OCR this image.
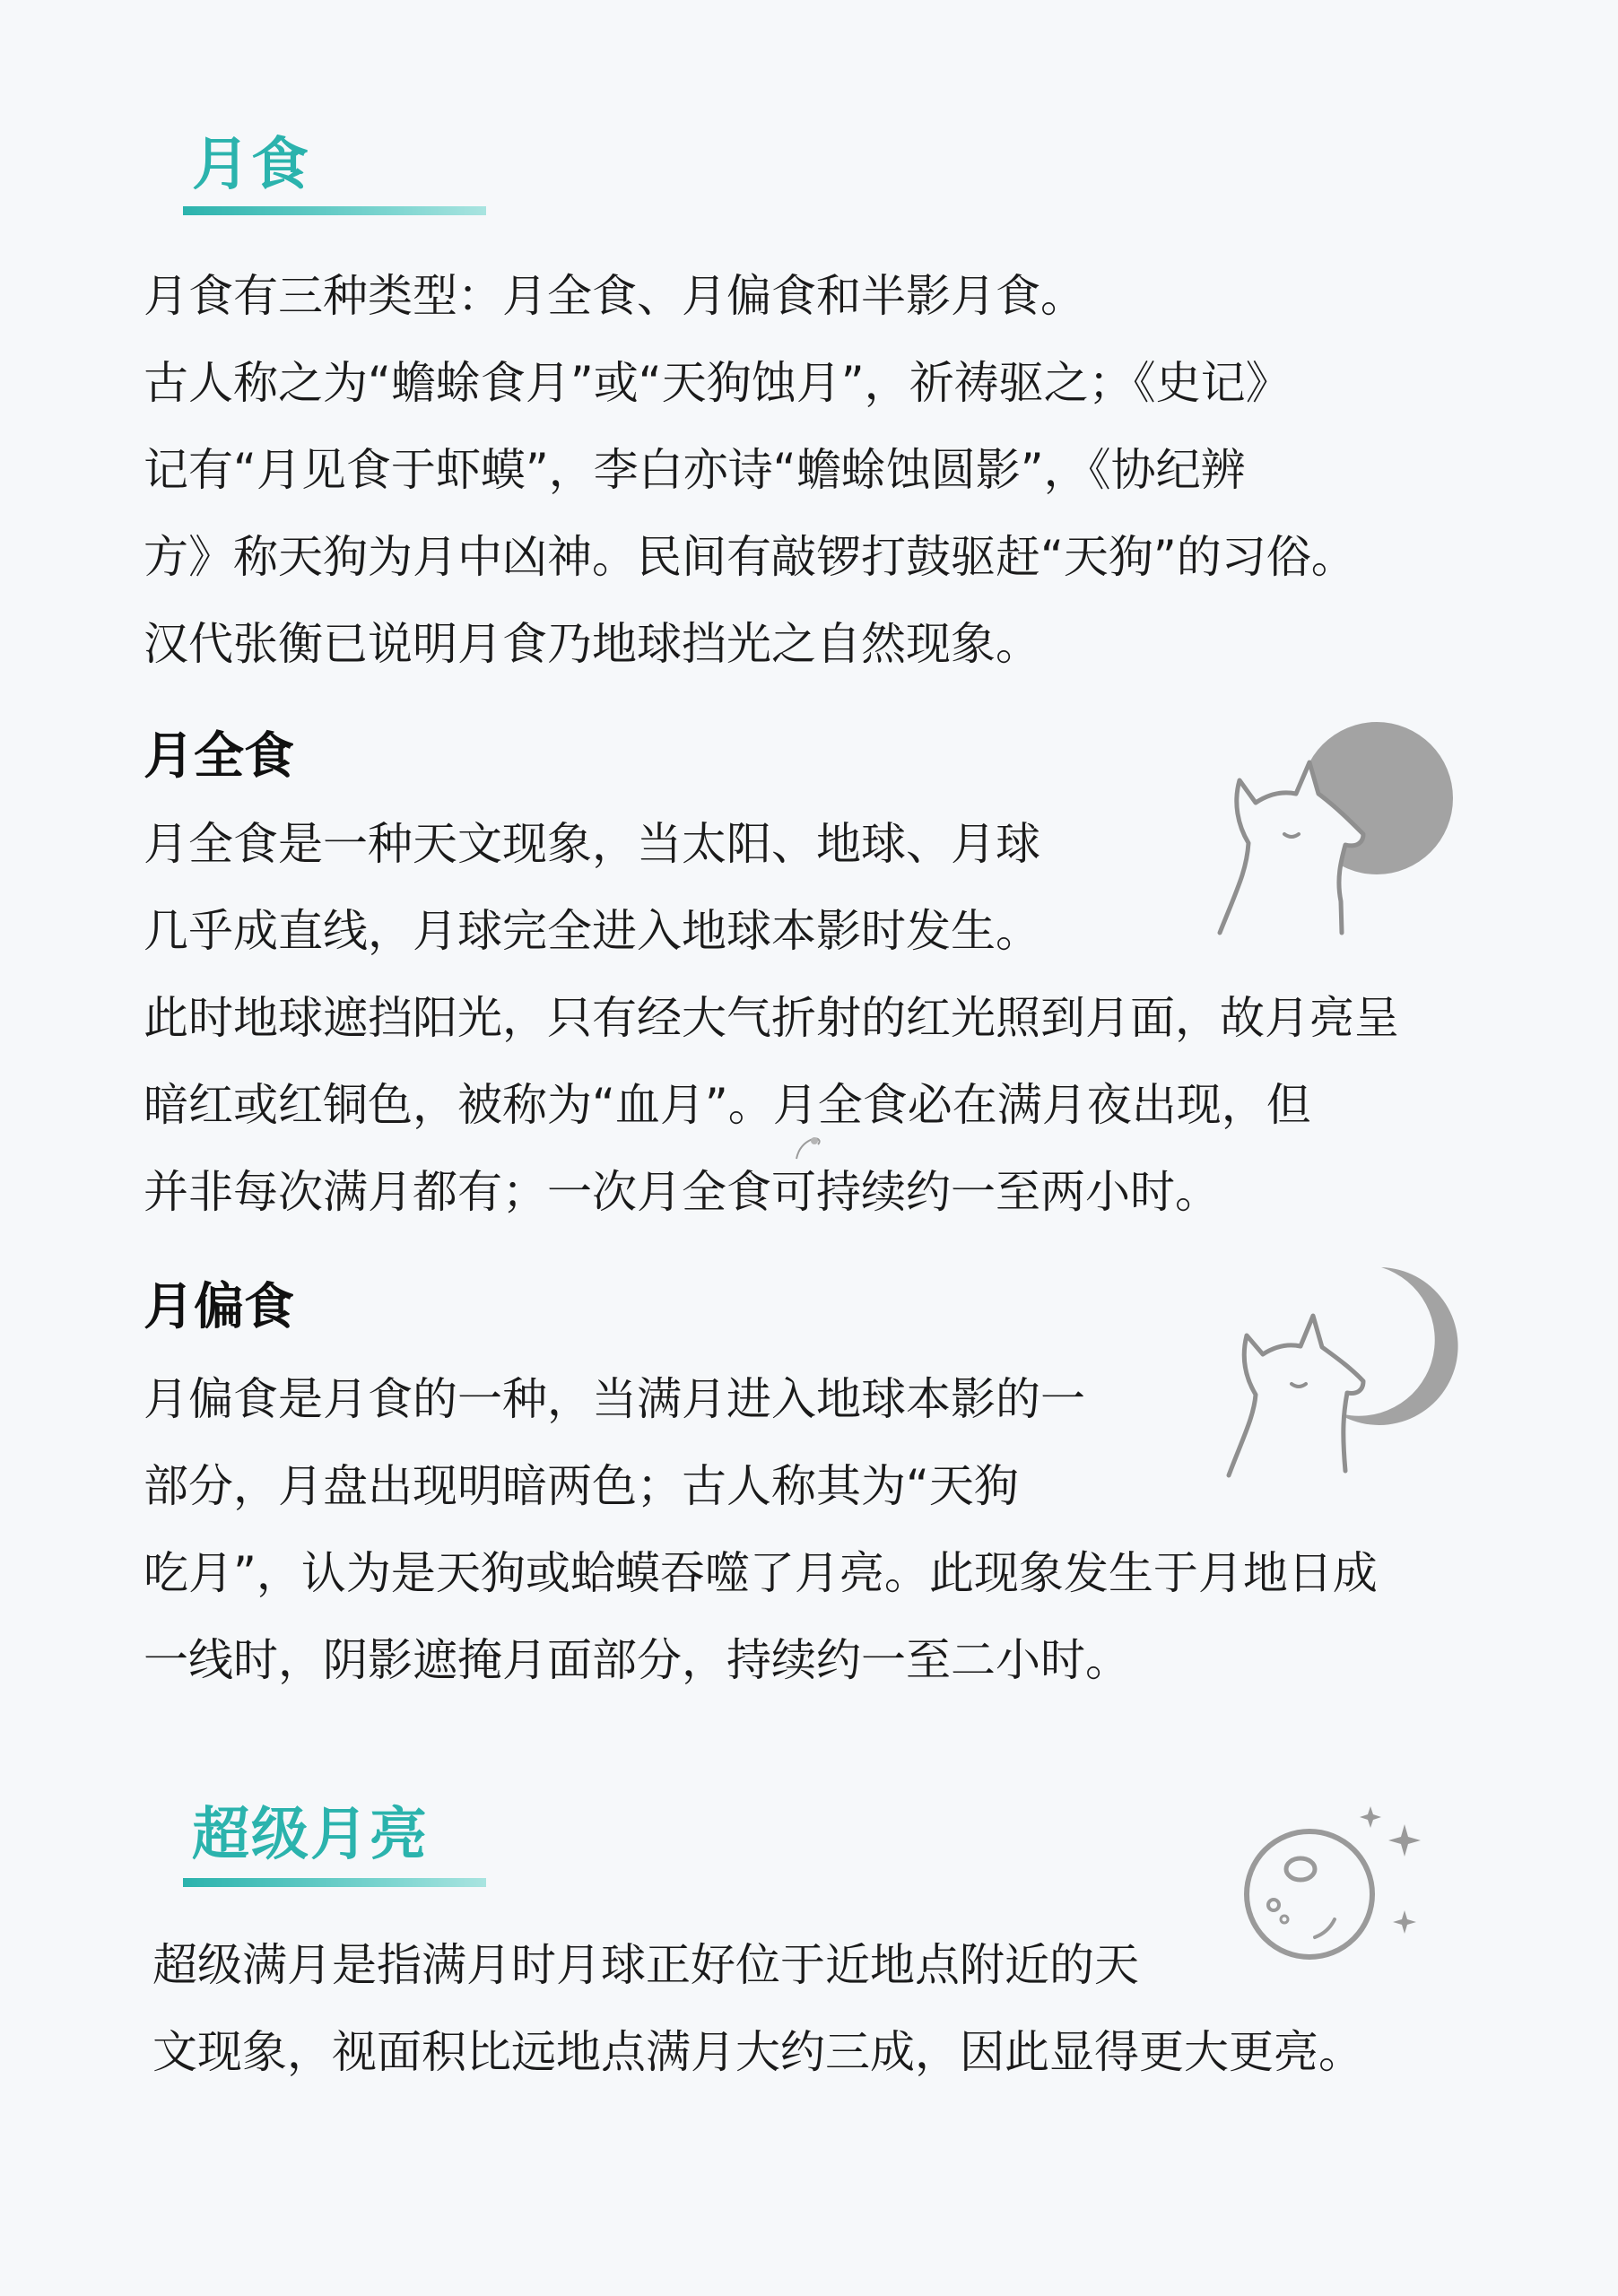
月食
月食有三种类型：月全食、月偏食和半影月食。
古人称之为“蟾蜍食月”或“天狗蚀月”，祈祷驱之；《史记》
记有“月见食于虾蟆”，李白亦诗“蟾蜍蚀圆影”，《协纪辨
方》称天狗为月中凶神。民间有敲锣打鼓驱赶“天狗”的习俗。
汉代张衡已说明月食乃地球挡光之自然现象。
月全食
月全食是一种天文现象，当太阳、地球、月球
几乎成直线，月球完全进入地球本影时发生。
此时地球遮挡阳光，只有经大气折射的红光照到月面，故月亮呈
暗红或红铜色，被称为“血月”。月全食必在满月夜出现，但
并非每次满月都有；一次月全食可持续约一至两小时。
月偏食
月偏食是月食的一种，当满月进入地球本影的一
部分，月盘出现明暗两色；古人称其为“天狗
吃月”，认为是天狗或蛤蟆吞噬了月亮。此现象发生于月地日成
一线时，阴影遮掩月面部分，持续约一至二小时。
超级月亮
超级满月是指满月时月球正好位于近地点附近的天
文现象，视面积比远地点满月大约三成，因此显得更大更亮。
